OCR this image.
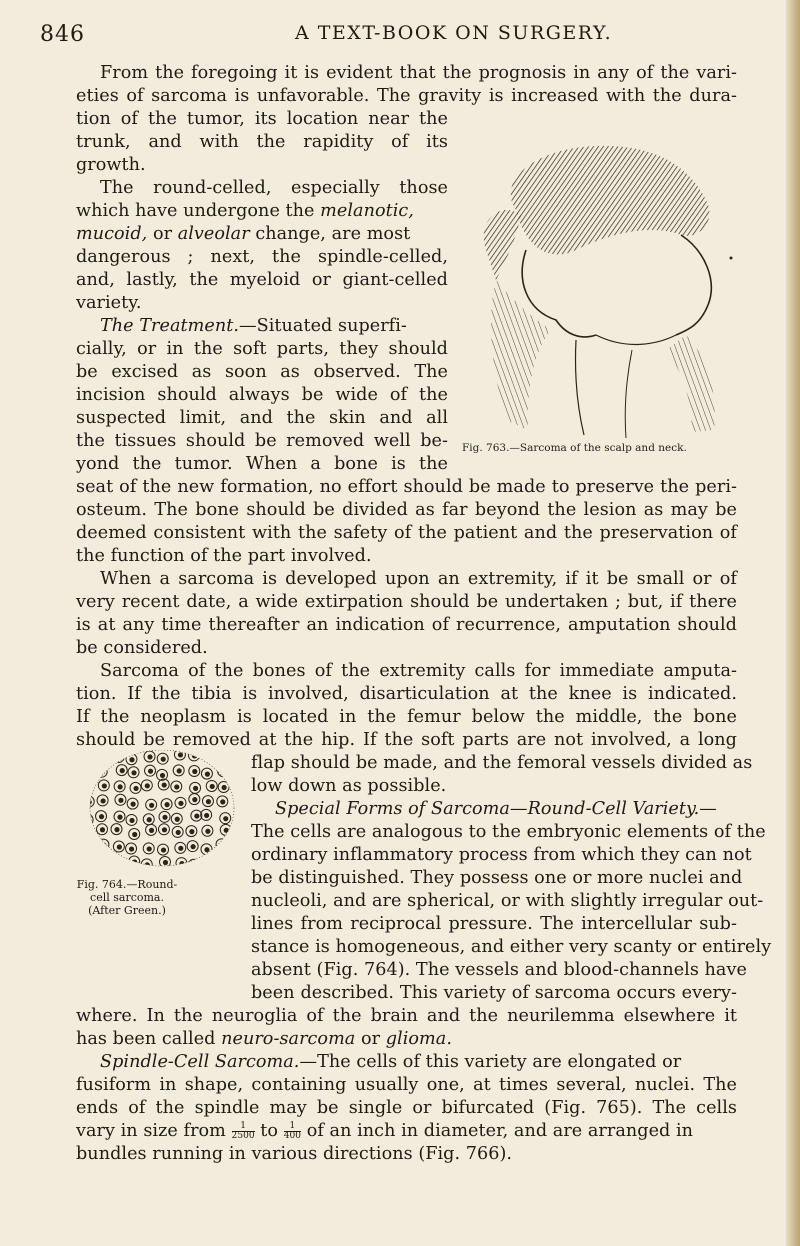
846	A TEXT-BOOK ON SURGERY.
From the foregoing it is evident that the prognosis in any of the vari-
eties of sarcoma is unfavorable. The gravity is increased with the dura-
tion of the tumor, its location near the
trunk, and with the rapidity of its
growth.
The round-celled, especially those
which have undergone the melanotic,
mucoid, or alveolar change, are most
dangerous ; next, the spindle-celled,
and, lastly, the myeloid or giant-celled
variety.
The Treatment.—Situated superfi-
cially, or in the soft parts, they should
be excised as soon as observed. The
incision should always be wide of the
suspected limit, and the skin and all
the tissues should be removed well be-
yond the tumor. When a bone is the
seat of the new formation, no effort should be made to preserve the peri-
osteum. The bone should be divided as far beyond the lesion as may be
deemed consistent with the safety of the patient and the preservation of
the function of the part involved.
When a sarcoma is developed upon an extremity, if it be small or of
very recent date, a wide extirpation should be undertaken ; but, if there
is at any time thereafter an indication of recurrence, amputation should
be considered.
Sarcoma of the bones of the extremity calls for immediate amputa-
tion. If the tibia is involved, disarticulation at the knee is indicated.
If the neoplasm is located in the femur below the middle, the bone
should be removed at the hip. If the soft parts are not involved, a long
flap should be made, and the femoral vessels divided as
low down as possible.
Special Forms of Sarcoma—Round-Cell Variety.—
The cells are analogous to the embryonic elements of the
ordinary inflammatory process from which they can not
be distinguished. They possess one or more nuclei and
nucleoli, and are spherical, or with slightly irregular out-
lines from reciprocal pressure. The intercellular sub-
stance is homogeneous, and either very scanty or entirely
absent (Fig. 764). The vessels and blood-channels have
been described. This variety of sarcoma occurs every-
where. In the neuroglia of the brain and the neurilemma elsewhere it
has been called neuro-sarcoma or glioma.
Spindle-Cell Sarcoma.—The cells of this variety are elongated or
fusiform in shape, containing usually one, at times several, nuclei. The
ends of the spindle may be single or bifurcated (Fig. 765). The cells
vary in size from $\frac{1}{2500}$ to $\frac{1}{400}$ of an inch in diameter, and are arranged in
bundles running in various directions (Fig. 766).
Fig. 763.—Sarcoma of the scalp and neck.
Fig. 764.—Round-
cell sarcoma.
(After Green.)
